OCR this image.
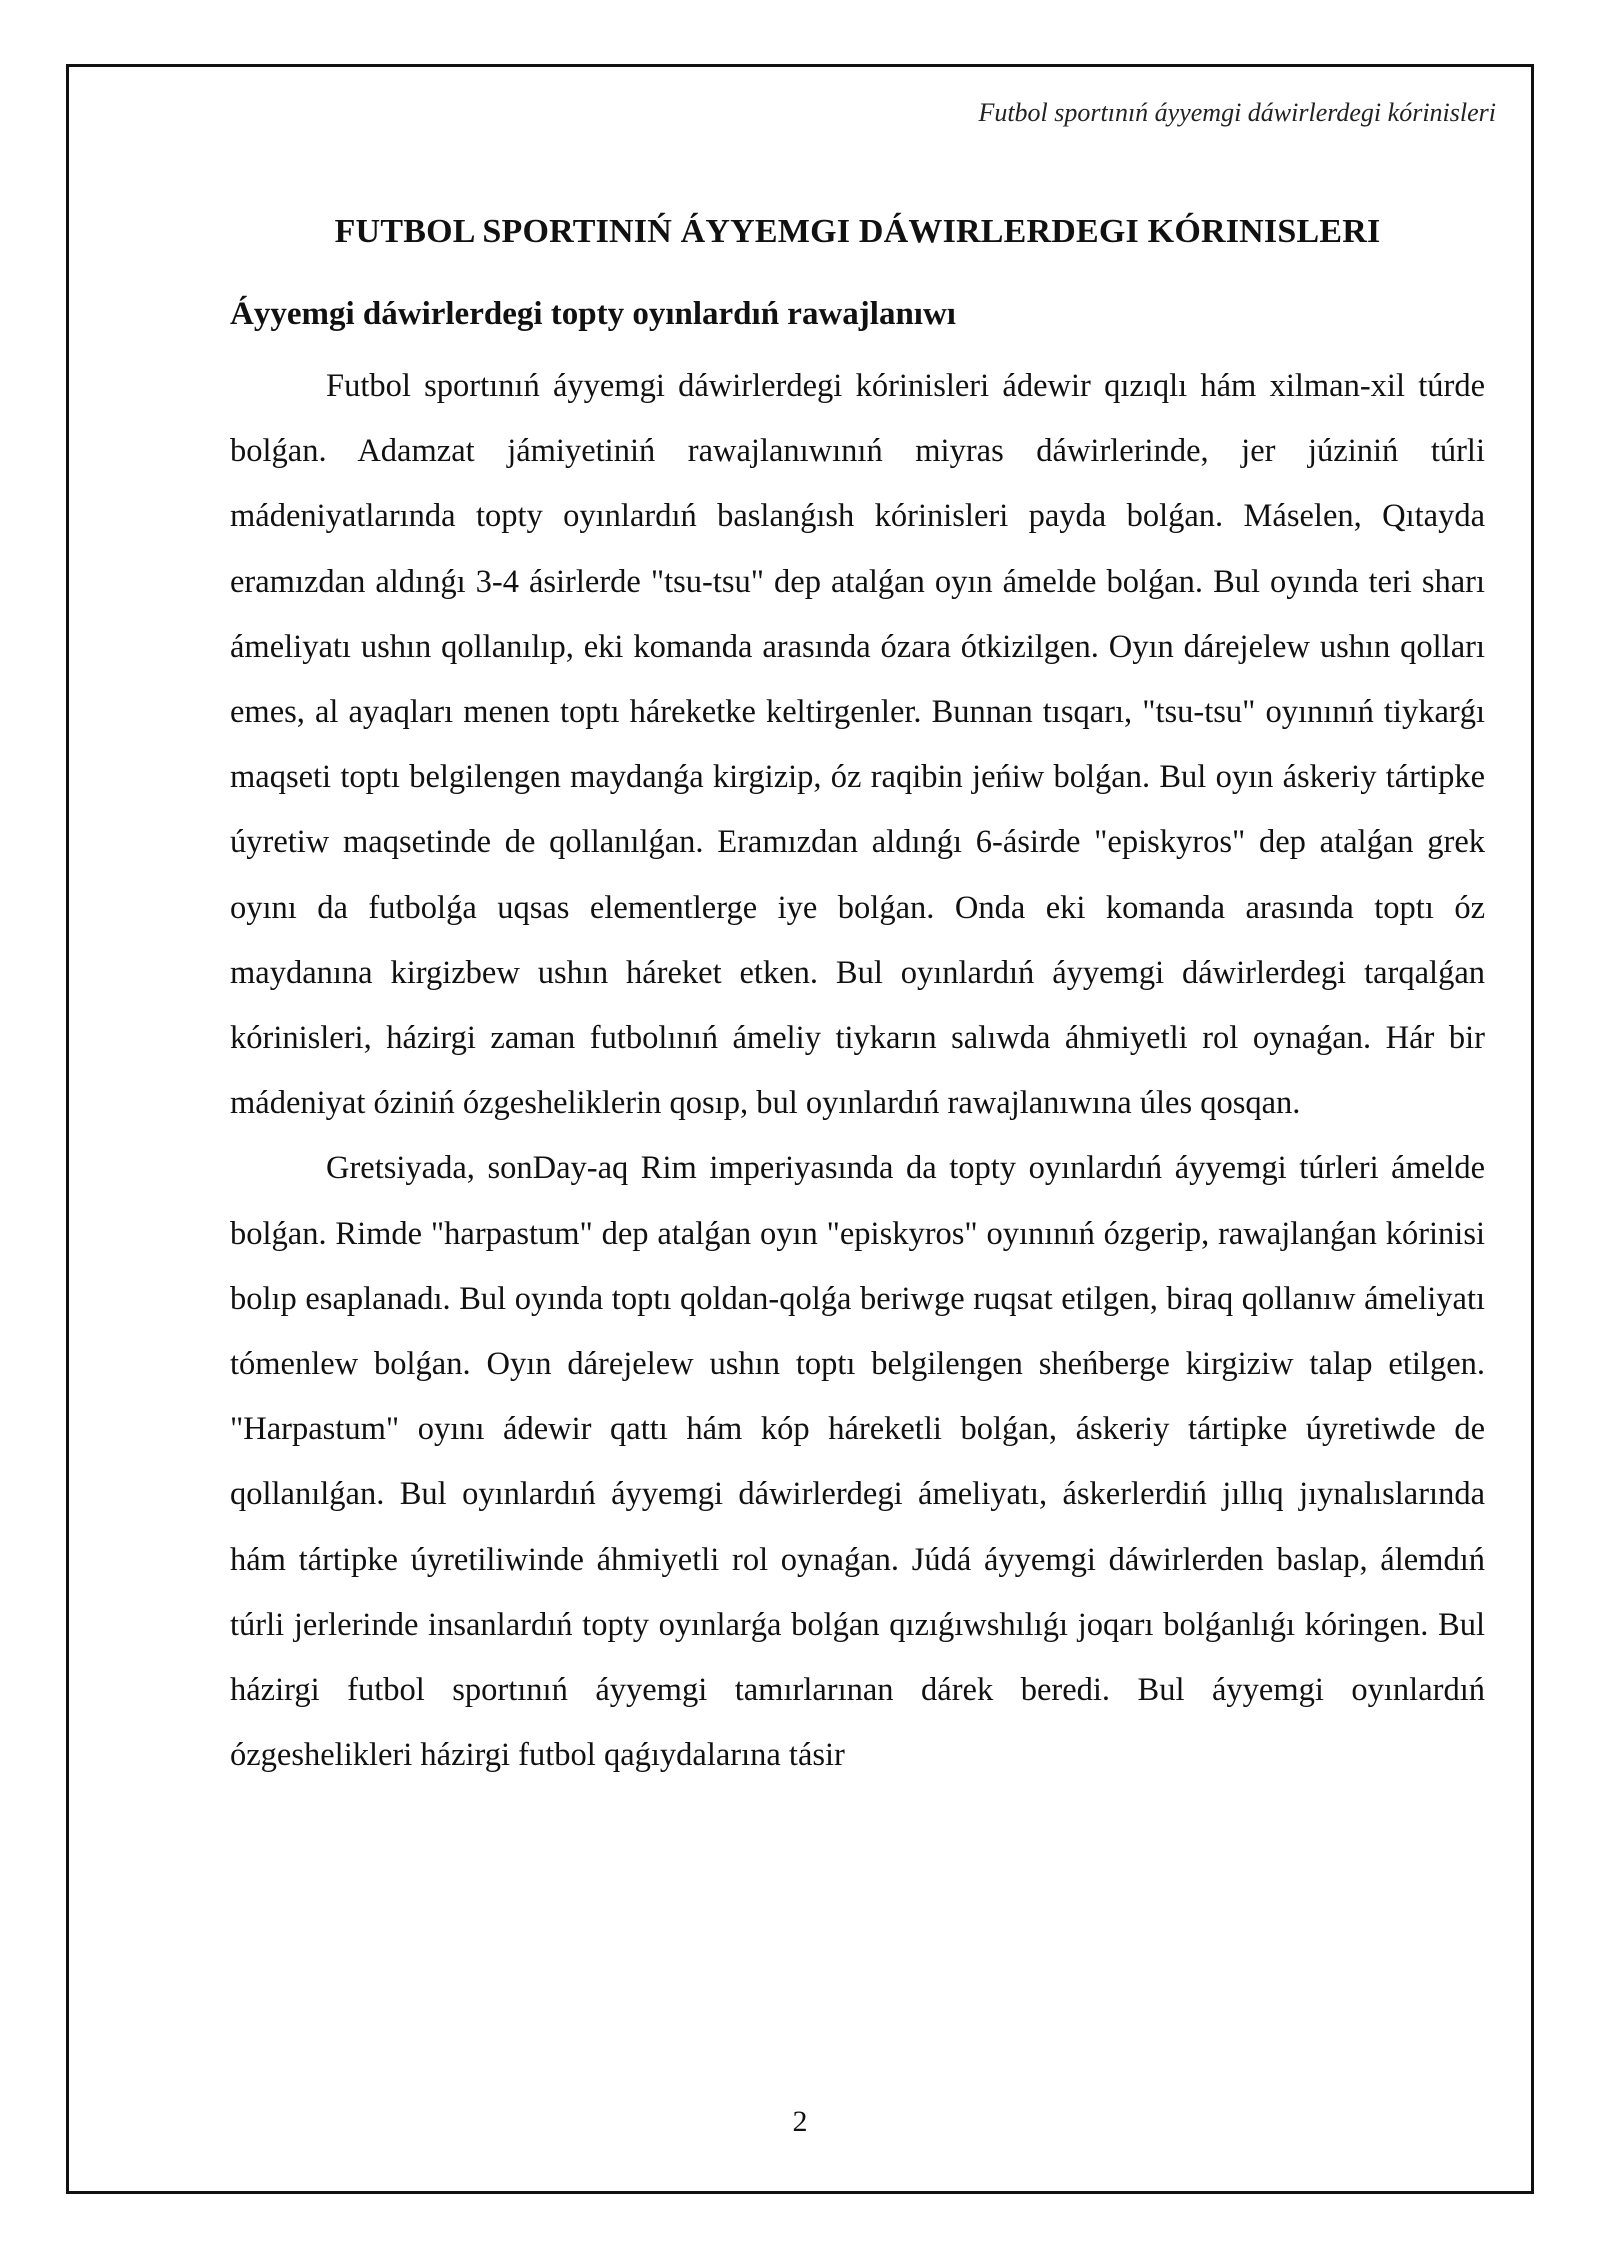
Futbol sportınıń áyyemgi dáwirlerdegi kórinisleri
FUTBOL SPORTINIŃ ÁYYEMGI DÁWIRLERDEGI KÓRINISLERI
Áyyemgi dáwirlerdegi topty oyınlardıń rawajlanıwı

Futbol sportınıń áyyemgi dáwirlerdegi kórinisleri ádewir qızıqlı hám xilman-xil túrde bolǵan. Adamzat jámiyetiniń rawajlanıwınıń miyras dáwirlerinde, jer júziniń túrli mádeniyatlarında topty oyınlardıń baslanǵısh kórinisleri payda bolǵan. Máselen, Qıtayda eramızdan aldınǵı 3-4 ásirlerde "tsu-tsu" dep atalǵan oyın ámelde bolǵan. Bul oyında teri sharı ámeliyatı ushın qollanılıp, eki komanda arasında ózara ótkizilgen. Oyın dárejelew ushın qolları emes, al ayaqları menen toptı háreketke keltirgenler. Bunnan tısqarı, "tsu-tsu" oyınınıń tiykarǵı maqseti toptı belgilengen maydanǵa kirgizip, óz raqibin jeńiw bolǵan. Bul oyın áskeriy tártipke úyretiw maqsetinde de qollanılǵan. Eramızdan aldınǵı 6-ásirde "episkyros" dep atalǵan grek oyını da futbolǵa uqsas elementlerge iye bolǵan. Onda eki komanda arasında toptı óz maydanına kirgizbew ushın háreket etken. Bul oyınlardıń áyyemgi dáwirlerdegi tarqalǵan kórinisleri, házirgi zaman futbolınıń ámeliy tiykarın salıwda áhmiyetli rol oynaǵan. Hár bir mádeniyat óziniń ózgesheliklerin qosıp, bul oyınlardıń rawajlanıwına úles qosqan.

Gretsiyada, sonDay-aq Rim imperiyasında da topty oyınlardıń áyyemgi túrleri ámelde bolǵan. Rimde "harpastum" dep atalǵan oyın "episkyros" oyınınıń ózgerip, rawajlanǵan kórinisi bolıp esaplanadı. Bul oyında toptı qoldan-qolǵa beriwge ruqsat etilgen, biraq qollanıw ámeliyatı tómenlew bolǵan. Oyın dárejelew ushın toptı belgilengen sheńberge kirgiziw talap etilgen. "Harpastum" oyını ádewir qattı hám kóp háreketli bolǵan, áskeriy tártipke úyretiwde de qollanılǵan. Bul oyınlardıń áyyemgi dáwirlerdegi ámeliyatı, áskerlerdiń jıllıq jıynalıslarında hám tártipke úyretiliwinde áhmiyetli rol oynaǵan. Júdá áyyemgi dáwirlerden baslap, álemdıń túrli jerlerinde insanlardıń topty oyınlarǵa bolǵan qızıǵıwshılıǵı joqarı bolǵanlıǵı kóringen. Bul házirgi futbol sportınıń áyyemgi tamırlarınan dárek beredi. Bul áyyemgi oyınlardıń ózgeshelikleri házirgi futbol qaǵıydalarına tásir

2
